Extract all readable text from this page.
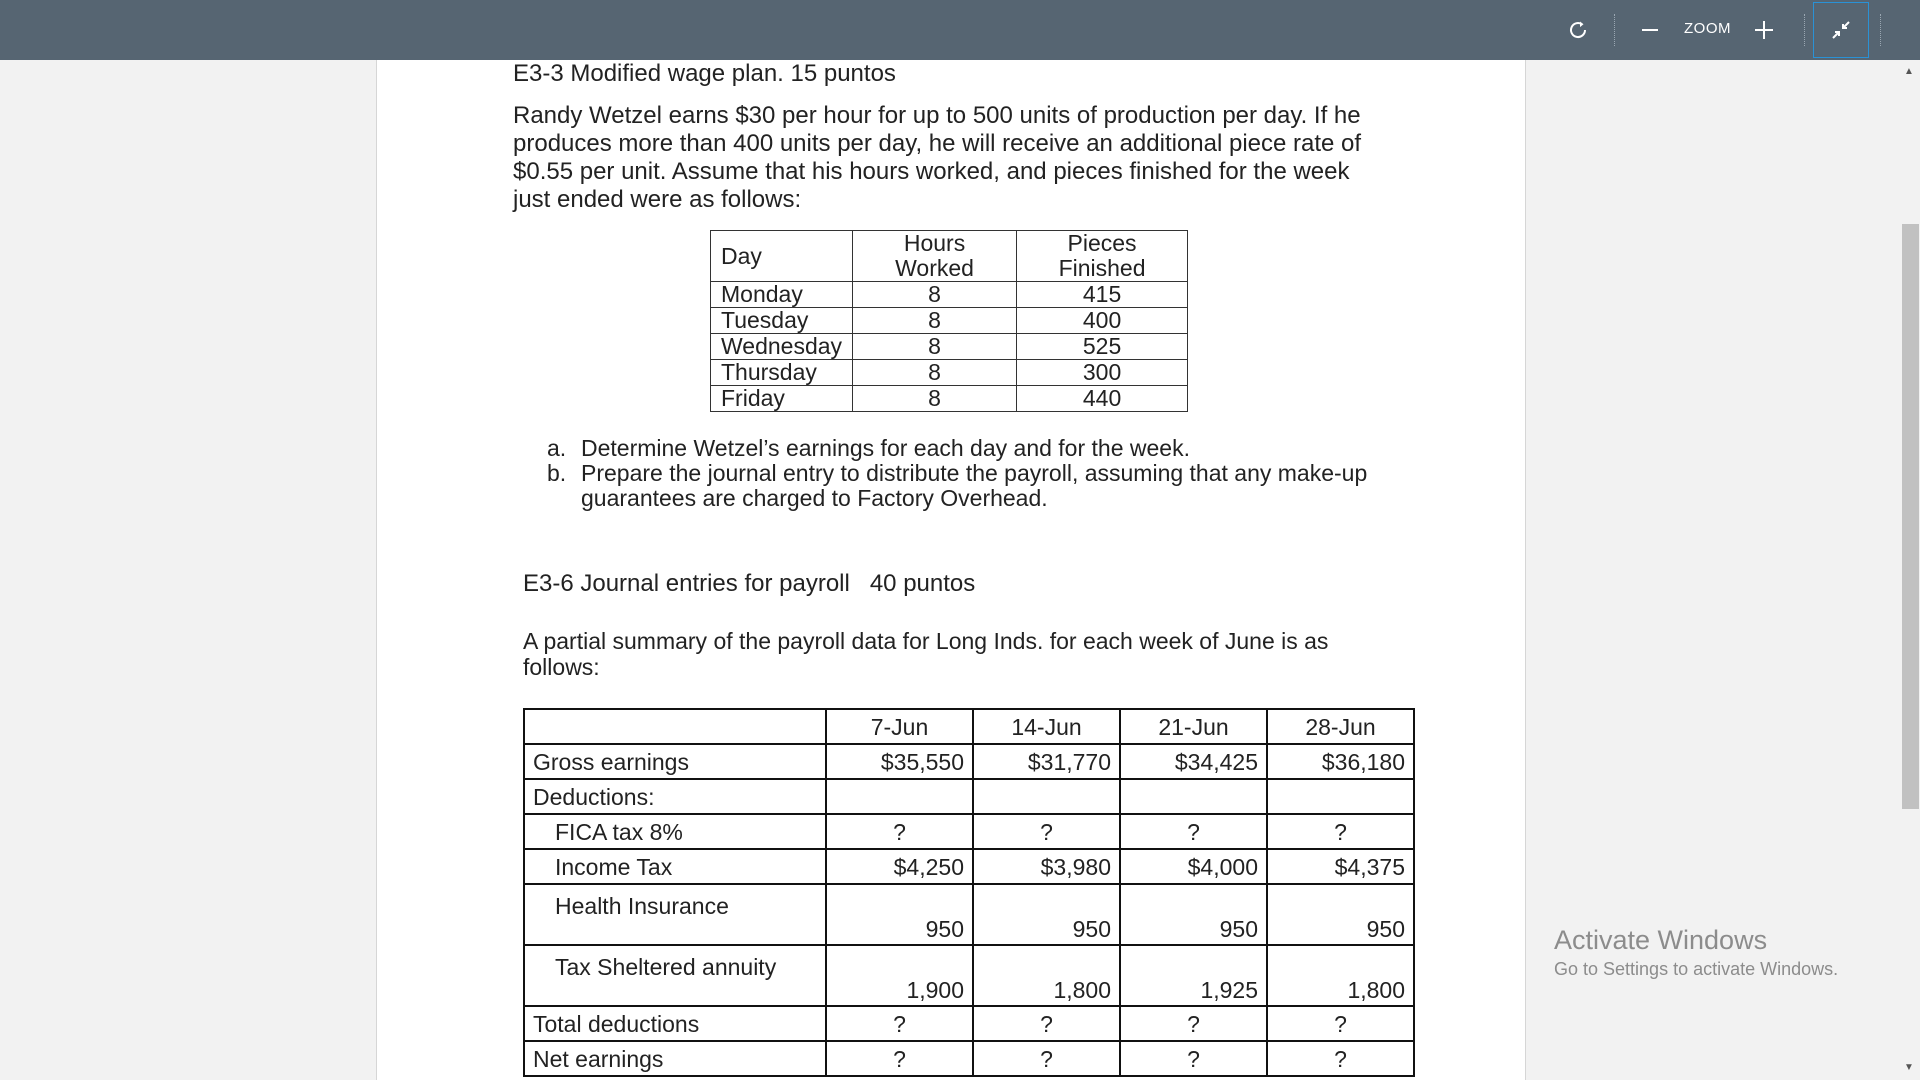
ZOOM
E3-3 Modified wage plan. 15 puntos
Randy Wetzel earns $30 per hour for up to 500 units of production per day. If he produces more than 400 units per day, he will receive an additional piece rate of $0.55 per unit. Assume that his hours worked, and pieces finished for the week just ended were as follows:
Day	Hours Worked	Pieces Finished
Monday	8	415
Tuesday	8	400
Wednesday	8	525
Thursday	8	300
Friday	8	440
a. Determine Wetzel’s earnings for each day and for the week.
b. Prepare the journal entry to distribute the payroll, assuming that any make-up guarantees are charged to Factory Overhead.
E3-6 Journal entries for payroll   40 puntos
A partial summary of the payroll data for Long Inds. for each week of June is as follows:
	7-Jun	14-Jun	21-Jun	28-Jun
Gross earnings	$35,550	$31,770	$34,425	$36,180
Deductions:				
FICA tax 8%	?	?	?	?
Income Tax	$4,250	$3,980	$4,000	$4,375
Health Insurance	950	950	950	950
Tax Sheltered annuity	1,900	1,800	1,925	1,800
Total deductions	?	?	?	?
Net earnings	?	?	?	?
▲
▼
Activate Windows
Go to Settings to activate Windows.
